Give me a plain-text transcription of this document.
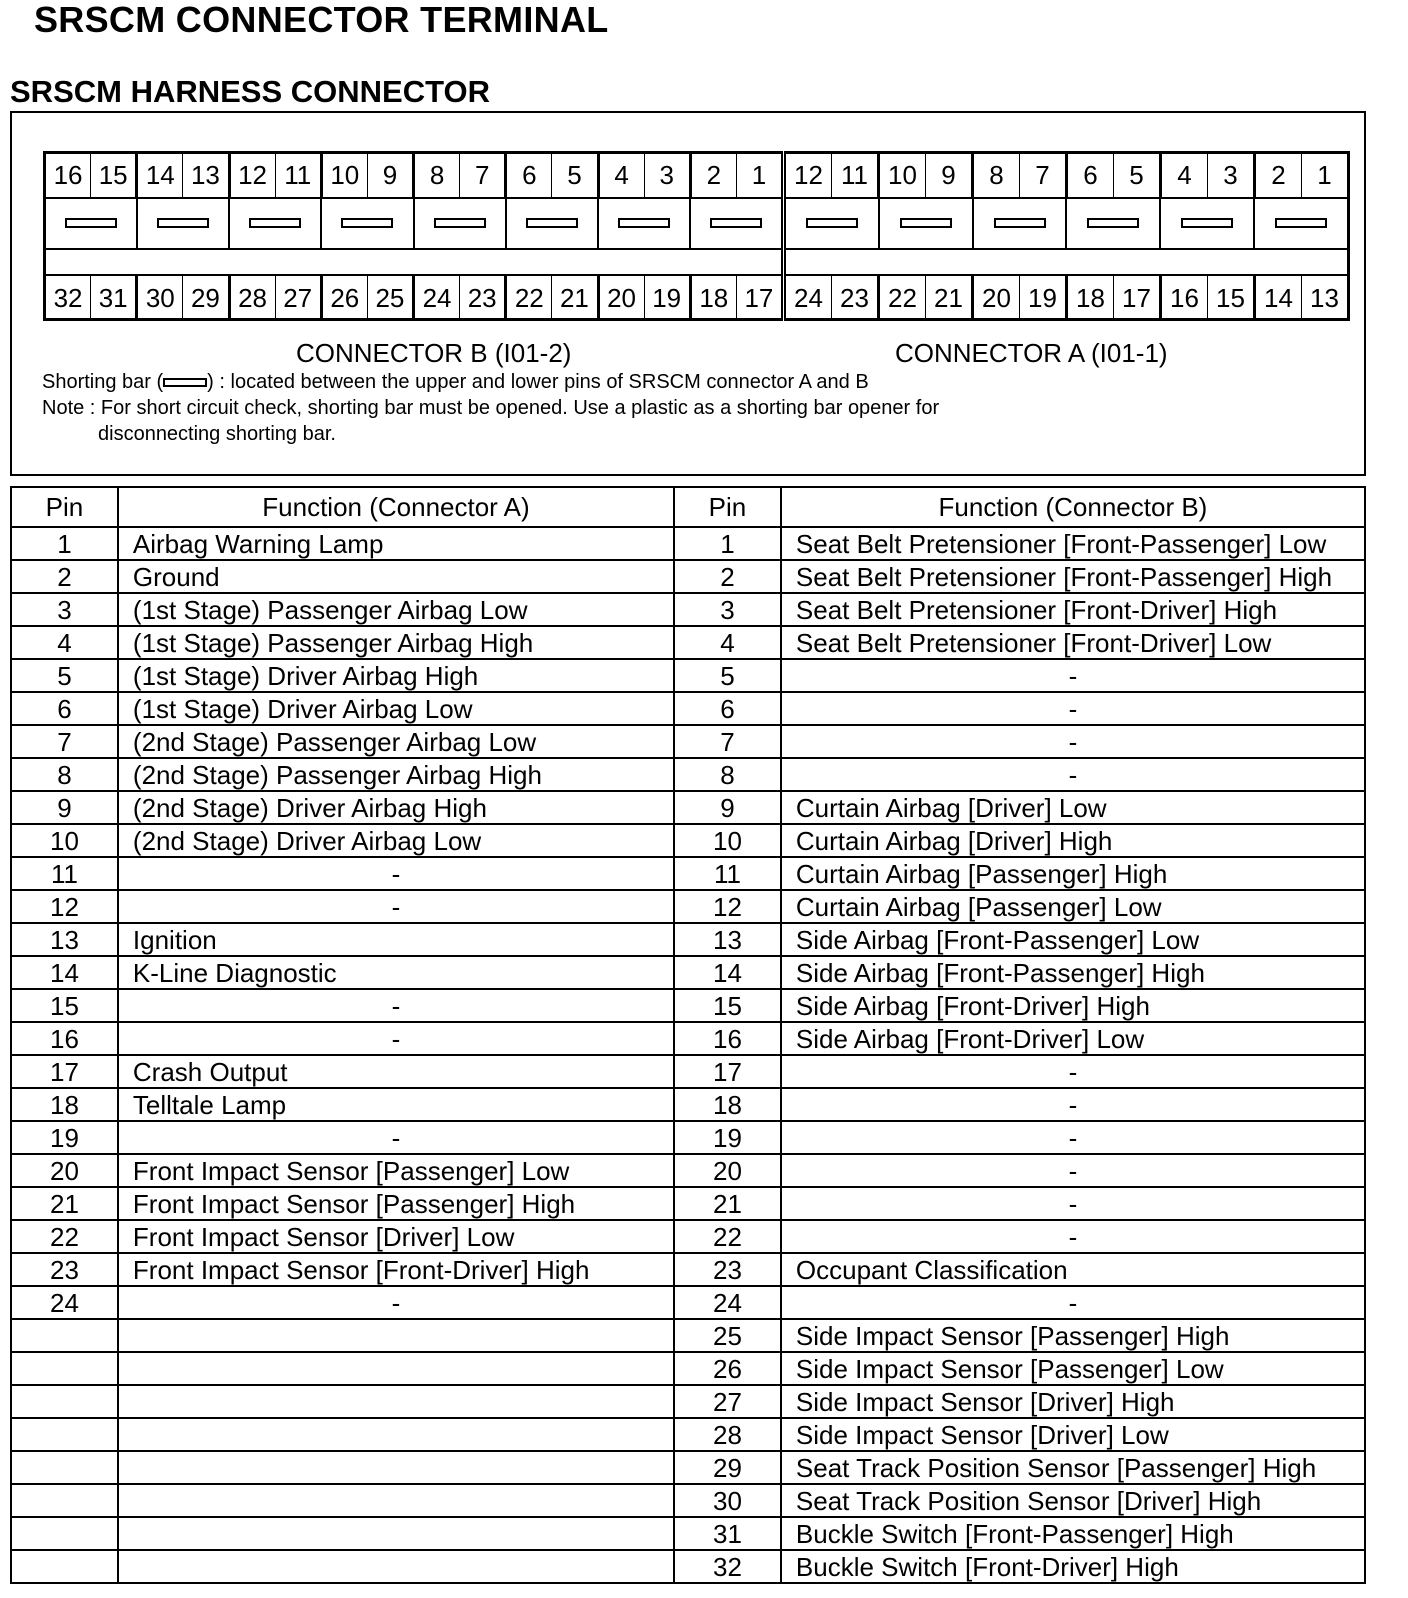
SRSCM CONNECTOR TERMINAL
SRSCM HARNESS CONNECTOR
16 15 14 13 12 11 10 9	8	7	6	5	4	3	2	1
32 31 30 29 28 27 26 25 24 23 22 21 20 19 18 17
12 11 10 9	8	7	6	5	4	3	2	1
24 23 22 21 20 19 18 17 16 15 14 13
CONNECTOR B (I01-2)	CONNECTOR A (I01-1)
Shorting bar ( ) : located between the upper and lower pins of SRSCM connector A and B
Note : For short circuit check, shorting bar must be opened. Use a plastic as a shorting bar opener for
disconnecting shorting bar.
Pin	Function (Connector A)	Pin	Function (Connector B)
1	Airbag Warning Lamp	1	Seat Belt Pretensioner [Front-Passenger] Low
2	Ground	2	Seat Belt Pretensioner [Front-Passenger] High
3	(1st Stage) Passenger Airbag Low	3	Seat Belt Pretensioner [Front-Driver] High
4	(1st Stage) Passenger Airbag High	4	Seat Belt Pretensioner [Front-Driver] Low
5	(1st Stage) Driver Airbag High	5	-
6	(1st Stage) Driver Airbag Low	6	-
7	(2nd Stage) Passenger Airbag Low	7	-
8	(2nd Stage) Passenger Airbag High	8	-
9	(2nd Stage) Driver Airbag High	9	Curtain Airbag [Driver] Low
10	(2nd Stage) Driver Airbag Low	10	Curtain Airbag [Driver] High
11	-	11	Curtain Airbag [Passenger] High
12	-	12	Curtain Airbag [Passenger] Low
13	Ignition	13	Side Airbag [Front-Passenger] Low
14	K-Line Diagnostic	14	Side Airbag [Front-Passenger] High
15	-	15	Side Airbag [Front-Driver] High
16	-	16	Side Airbag [Front-Driver] Low
17	Crash Output	17	-
18	Telltale Lamp	18	-
19	-	19	-
20	Front Impact Sensor [Passenger] Low	20	-
21	Front Impact Sensor [Passenger] High	21	-
22	Front Impact Sensor [Driver] Low	22	-
23	Front Impact Sensor [Front-Driver] High	23	Occupant Classification
24	-	24	-
		25	Side Impact Sensor [Passenger] High
		26	Side Impact Sensor [Passenger] Low
		27	Side Impact Sensor [Driver] High
		28	Side Impact Sensor [Driver] Low
		29	Seat Track Position Sensor [Passenger] High
		30	Seat Track Position Sensor [Driver] High
		31	Buckle Switch [Front-Passenger] High
		32	Buckle Switch [Front-Driver] High
